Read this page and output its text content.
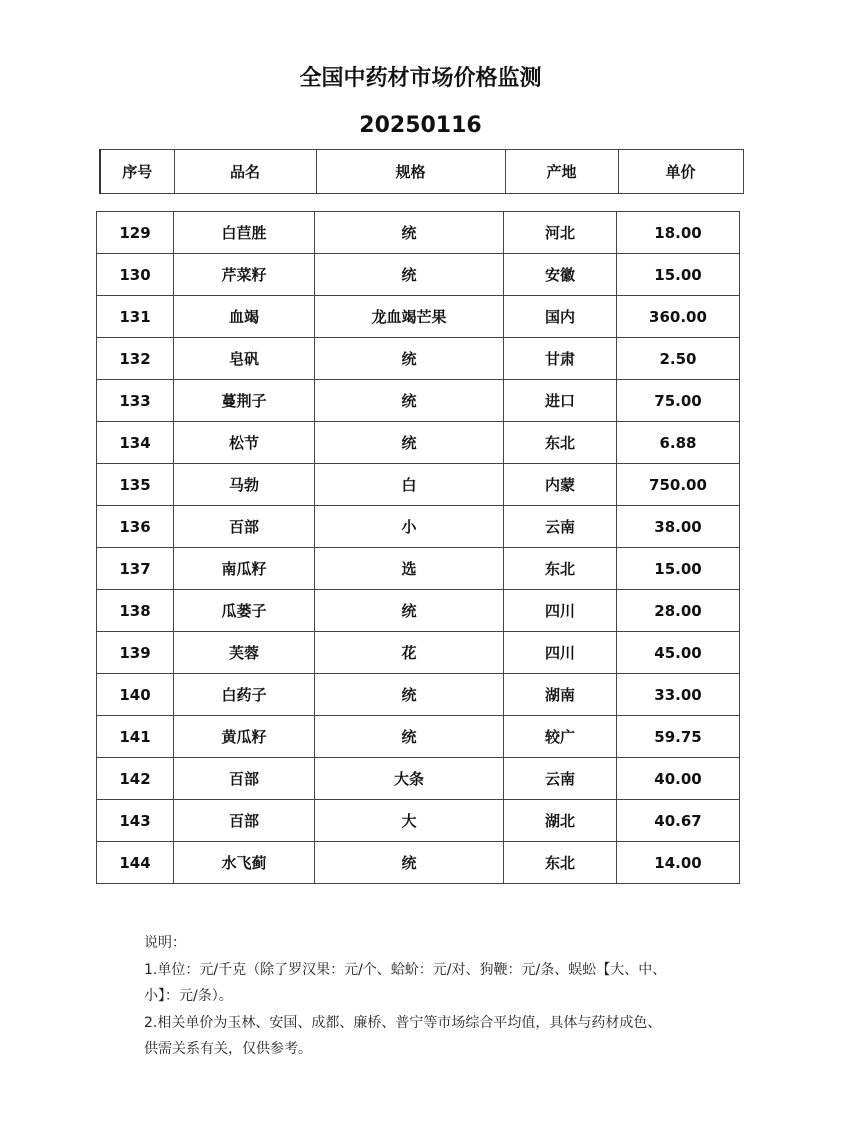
全国中药材市场价格监测
20250116
序号	品名	规格	产地	单价
129	白苣胜	统	河北	18.00
130	芹菜籽	统	安徽	15.00
131	血竭	龙血竭芒果	国内	360.00
132	皂矾	统	甘肃	2.50
133	蔓荆子	统	进口	75.00
134	松节	统	东北	6.88
135	马勃	白	内蒙	750.00
136	百部	小	云南	38.00
137	南瓜籽	选	东北	15.00
138	瓜蒌子	统	四川	28.00
139	芙蓉	花	四川	45.00
140	白药子	统	湖南	33.00
141	黄瓜籽	统	较广	59.75
142	百部	大条	云南	40.00
143	百部	大	湖北	40.67
144	水飞蓟	统	东北	14.00

说明：

1.单位：元/千克（除了罗汉果：元/个、蛤蚧：元/对、狗鞭：元/条、蜈蚣【大、中、

小】：元/条）。

2.相关单价为玉林、安国、成都、廉桥、普宁等市场综合平均值，具体与药材成色、

供需关系有关，仅供参考。
